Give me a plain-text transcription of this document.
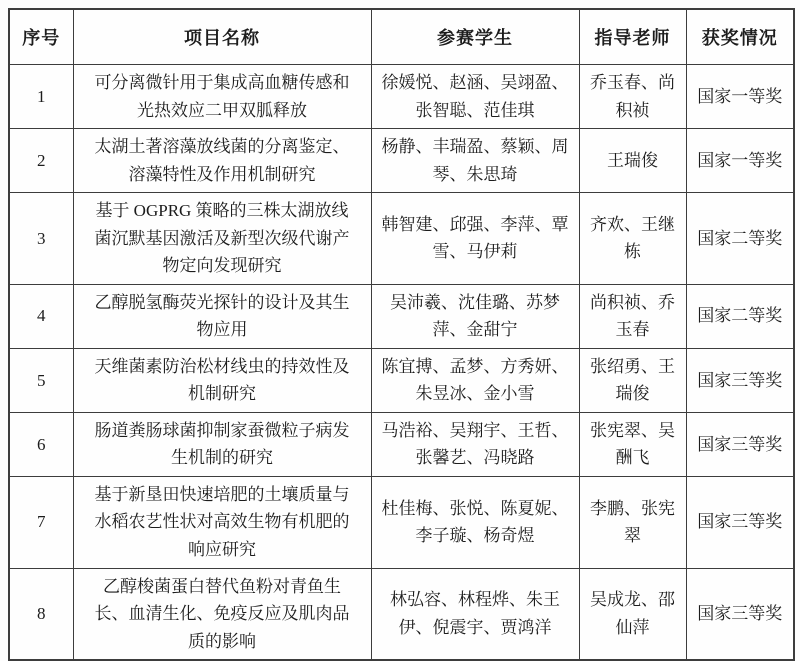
序号	项目名称	参赛学生	指导老师	获奖情况
1	可分离微针用于集成高血糖传感和光热效应二甲双胍释放	徐媛悦、赵涵、吴翊盈、张智聪、范佳琪	乔玉春、尚积祯	国家一等奖
2	太湖土著溶藻放线菌的分离鉴定、溶藻特性及作用机制研究	杨静、丰瑞盈、蔡颖、周琴、朱思琦	王瑞俊	国家一等奖
3	基于 OGPRG 策略的三株太湖放线菌沉默基因激活及新型次级代谢产物定向发现研究	韩智建、邱强、李萍、覃雪、马伊莉	齐欢、王继栋	国家二等奖
4	乙醇脱氢酶荧光探针的设计及其生物应用	吴沛羲、沈佳璐、苏梦萍、金甜宁	尚积祯、乔玉春	国家二等奖
5	天维菌素防治松材线虫的持效性及机制研究	陈宜搏、孟梦、方秀妍、朱昱冰、金小雪	张绍勇、王瑞俊	国家三等奖
6	肠道粪肠球菌抑制家蚕微粒子病发生机制的研究	马浩裕、吴翔宇、王哲、张馨艺、冯晓路	张宪翠、吴酬飞	国家三等奖
7	基于新垦田快速培肥的土壤质量与水稻农艺性状对高效生物有机肥的响应研究	杜佳梅、张悦、陈夏妮、李子璇、杨奇煜	李鹏、张宪翠	国家三等奖
8	乙醇梭菌蛋白替代鱼粉对青鱼生长、血清生化、免疫反应及肌肉品质的影响	林弘容、林程烨、朱王伊、倪震宇、贾鸿洋	吴成龙、邵仙萍	国家三等奖
